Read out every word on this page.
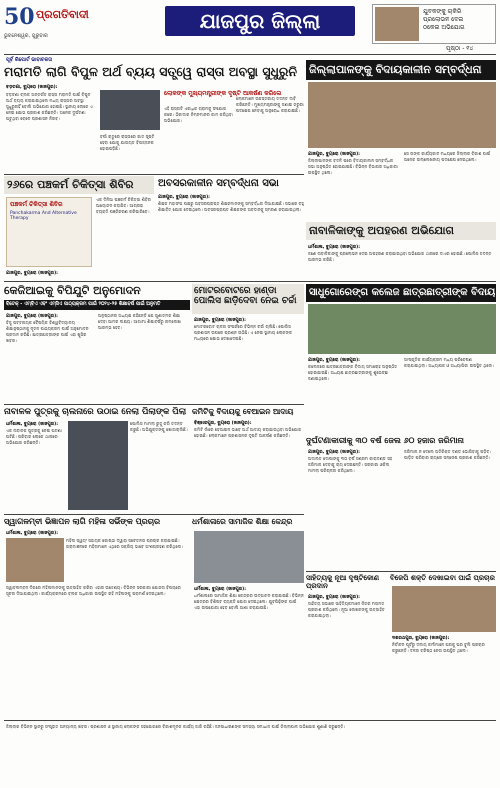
50 ପ୍ରଗତିବାଦୀ
ଭୁବନେଶ୍ୱର, ଗୁରୁବାର
ଯାଜପୁର ଜିଲ୍ଲା	ଯୁବକଙ୍କୁ ଚାକିରି
ପ୍ରଲୋଭନ ଦେଇ
ଠକେଇ ଅଭିଯୋଗ
ପୃଷ୍ଠା - ୧୪
ପୂର୍ବ ରିପୋର୍ଟ ଭାବାଚକତା
ମରାମତି ଲାଗି ବିପୁଳ ଅର୍ଥ ବ୍ୟୟ ସତ୍ତ୍ୱେ ରାସ୍ତା ଅବସ୍ଥା ସୁଧୁରୁନି
ବଡ଼ଚଣା, ବ୍ୟୁରୋ (ଜାଜପୁର):
ବଡ଼ଚଣା ବ୍ଲକ ଅନ୍ତର୍ଗତ ରାସ୍ତା ମରାମତି ପାଇଁ ବିପୁଳ ଅର୍ଥ ବ୍ୟୟ କରାଯାଇଥିଲେ ମଧ୍ୟ ରାସ୍ତାର ଅବସ୍ଥା ସୁଧୁରୁନାହିଁ ବୋଲି ଅଭିଯୋଗ ହୋଇଛି। ସ୍ଥାନୀୟ ଲୋକେ ଏ ନେଇ କ୍ଷୋଭ ପ୍ରକାଶ କରିଛନ୍ତି। ଅନେକ ଦୁର୍ଘଟଣା ଘଟୁଥିବା ବେଳେ ପ୍ରଶାସନ ନିରବ।
ବର୍ଷା ଋତୁରେ ରାସ୍ତାରେ ଗାତ ସୃଷ୍ଟି ହେବା ଯୋଗୁ ଯାତାୟତ ବିପଜ୍ଜନକ ହୋଇପଡ଼ିଛି।
ଲୋକଙ୍କ ମୁଖ୍ୟମନ୍ତ୍ରୀଙ୍କ ଦୃଷ୍ଟି ଆକର୍ଷଣ କରିଲେ
ଏହି ରାସ୍ତାଟି ଏକାଧିକ ଗ୍ରାମକୁ ସଂଯୋଗ କରେ। ଠିକାଦାର ନିମ୍ନମାନର କାମ କରିଥିବା ଅଭିଯୋଗ।
ଲୋକମାନେ ଉଚ୍ଚସ୍ତରୀୟ ତଦନ୍ତ ଦାବି କରିଛନ୍ତି। ମୁଖ୍ୟମନ୍ତ୍ରୀଙ୍କୁ ଜଣାଇ ଜରୁରୀ ପଦକ୍ଷେପ ନେବାକୁ ଅନୁରୋଧ କରାଯାଇଛି।
ଜିଲ୍ଲାପାଳଙ୍କୁ ବିଦାୟକାଳୀନ ସମ୍ବର୍ଦ୍ଧନା
ଯାଜପୁର, ବ୍ୟୁରୋ (ଜାଜପୁର):
ଜିଲ୍ଲାପାଳଙ୍କ ବଦଳି ପରେ ବିଦାୟକାଳୀନ ସମ୍ବର୍ଦ୍ଧନା ସଭା ଅନୁଷ୍ଠିତ ହୋଇଯାଇଛି। ବିଭିନ୍ନ ବିଭାଗର ଅଧିକାରୀ ଉପସ୍ଥିତ ଥିଲେ।
ସେ ତାଙ୍କ କାର୍ଯ୍ୟକାଳ ମଧ୍ୟରେ ଜିଲ୍ଲାର ବିକାଶ ପାଇଁ ଅନେକ ଉଲ୍ଲେଖନୀୟ ପଦକ୍ଷେପ ନେଇଥିଲେ।
୨୬ରେ ପଞ୍ଚକର୍ମ ଚିକିତ୍ସା ଶିବିର
ପଞ୍ଚକର୍ମ ଚିକିତ୍ସା ଶିବିର
Panchakarma And Alternative Therapy
ଏକ ଦିନିଆ ପଞ୍ଚକର୍ମ ଚିକିତ୍ସା ଶିବିର ଆୟୋଜନ କରାଯିବ। ଆଗ୍ରହୀ ବ୍ୟକ୍ତି ପଞ୍ଜିକରଣ କରିପାରିବେ।
ଯାଜପୁର, ବ୍ୟୁରୋ (ଜାଜପୁର):
ଅବସରକାଳୀନ ସମ୍ବର୍ଦ୍ଧନା ସଭା
ଯାଜପୁର, ବ୍ୟୁରୋ (ଜାଜପୁର):
ଶିକ୍ଷକ ମହାସଂଘ ପକ୍ଷରୁ ଅବସରପ୍ରାପ୍ତ ଶିକ୍ଷକମାନଙ୍କୁ ସମ୍ବର୍ଦ୍ଧନା ଦିଆଯାଇଛି। ସଭାରେ ବହୁ ଶିକ୍ଷାବିତ୍ ଯୋଗ ଦେଇଥିଲେ। ଅବସରପ୍ରାପ୍ତ ଶିକ୍ଷକଙ୍କ ଅବଦାନକୁ ସ୍ମରଣ କରାଯାଇଥିଲା।
ନାବାଳିକାଙ୍କୁ ଅପହରଣ ଅଭିଯୋଗ
ଧର୍ମଶାଳା, ବ୍ୟୁରୋ (ଜାଜପୁର):
ଜଣେ ନାବାଳିକାଙ୍କୁ ପ୍ରଲୋଭନ ଦେଇ ଅପହରଣ କରାଯାଇଥିବା ଅଭିଯୋଗ ଥାନାରେ ଦାଏର ହୋଇଛି। ପୋଲିସ ତଦନ୍ତ ଆରମ୍ଭ କରିଛି।
କେଜିଆଇକୁ ବିପିଯୁଟି ଅନୁମୋଦନ
ବିଟେକ୍ - ଏମ୍‌ବିଏ ଏବଂ ଏମ୍‌ସିଏ ପାଠ୍ୟକ୍ରମ ପାଇଁ ୨୦୨୪-୨୫ ଶିକ୍ଷାବର୍ଷ ପାଇଁ ଅନୁମତି
ଯାଜପୁର, ବ୍ୟୁରୋ (ଜାଜପୁର):
ବିଜୁ ପଟ୍ଟନାୟକ ବୈଷୟିକ ବିଶ୍ୱବିଦ୍ୟାଳୟ ଶିକ୍ଷାନୁଷ୍ଠାନକୁ ନୂତନ ପାଠ୍ୟକ୍ରମ ପାଇଁ ଅନୁମୋଦନ ପ୍ରଦାନ କରିଛି। ଛାତ୍ରଛାତ୍ରୀଙ୍କ ପାଇଁ ଏହା ଖୁସିର ଖବର।
ଅନୁଷ୍ଠାନର ଅଧ୍ୟକ୍ଷ କହିଛନ୍ତି ଯେ ଗୁଣାତ୍ମକ ଶିକ୍ଷା ଦେବା ଆମର ଲକ୍ଷ୍ୟ। ଆଗାମୀ ଶିକ୍ଷାବର୍ଷରୁ ନାମଲେଖା ଆରମ୍ଭ ହେବ।
ମୋଟରବୋଟରେ ହାଣ୍ଡା ପୋଲିସ ଛାଡ଼ିଦେବା ନେଇ ଚର୍ଚ୍ଚା
ଯାଜପୁର, ବ୍ୟୁରୋ (ଜାଜପୁର):
ମୋଟରବୋଟ ଚାଳନା ସଂପର୍କରେ ବିଭିନ୍ନ ଚର୍ଚ୍ଚା ଚାଲିଛି। ପୋଲିସ ପ୍ରଶାସନ ଉପରେ ପ୍ରଶ୍ନ ଉଠିଛି। ଏ ନେଇ ସ୍ଥାନୀୟ ଲୋକଙ୍କ ମଧ୍ୟରେ କ୍ଷୋଭ ଦେଖାଦେଇଛି।
ସାଧୁଗୋରେଙ୍ଗ କଲେଜ ଛାତ୍ରଛାତ୍ରୀଙ୍କ ବିଦାୟ
ଯାଜପୁର, ବ୍ୟୁରୋ (ଜାଜପୁର):
କଲେଜରେ ଛାତ୍ରଛାତ୍ରୀଙ୍କ ବିଦାୟ ସମାରୋହ ଅନୁଷ୍ଠିତ ହୋଇଯାଇଛି। ଅଧ୍ୟକ୍ଷ ଛାତ୍ରଛାତ୍ରୀଙ୍କୁ ଶୁଭେଚ୍ଛା ଜଣାଇଥିଲେ।
ସାଂସ୍କୃତିକ କାର୍ଯ୍ୟକ୍ରମ ମଧ୍ୟ ପରିବେଷଣ କରାଯାଇଥିଲା। ଅଧ୍ୟାପକ ଓ ଅଧ୍ୟାପିକା ଉପସ୍ଥିତ ଥିଲେ।
ନାବାଳକ ପୁତ୍ରକୁ ଚାଲନାରେ ଉଠାଇ ନେଲା ପିଲାଙ୍କ ପିଲା
ଧର୍ମଶାଳା, ବ୍ୟୁରୋ (ଜାଜପୁର):
ଏକ ନାବାଳକ ପୁତ୍ରକୁ ନେଇ ଘଟଣା ଘଟିଛି। ପରିବାର ଲୋକେ ଥାନାରେ ଅଭିଯୋଗ କରିଛନ୍ତି।
ପୋଲିସ ମାମଲା ରୁଜୁ କରି ତଦନ୍ତ କରୁଛି। ଅଭିଯୁକ୍ତଙ୍କୁ ଖୋଜାଚାଲିଛି।
କମିଟିକୁ ବିଦାୟକୁ ବେଆଇନ ଆଦାୟ
ବିଞ୍ଝାରପୁର, ବ୍ୟୁରୋ (ଜାଜପୁର):
କମିଟି ନାଁରେ ବେଆଇନ ଭାବେ ଅର୍ଥ ଆଦାୟ କରାଯାଉଥିବା ଅଭିଯୋଗ ହୋଇଛି। ଲୋକମାନେ ପ୍ରଶାସନର ଦୃଷ୍ଟି ଆକର୍ଷଣ କରିଛନ୍ତି।
ଦୁର୍ଘଟଣାକାରୀକୁ ୩୦ ବର୍ଷ ଜେଲ ୬୦ ହଜାର ଜରିମାନା
ଯାଜପୁର, ବ୍ୟୁରୋ (ଜାଜପୁର):
ଅଦାଲତ ଦୋଷୀଙ୍କୁ ୩୦ ବର୍ଷ ସଶ୍ରମ କାରାଦଣ୍ଡ ସହ ଜରିମାନା ଦେବାକୁ ରାୟ ଦେଇଛନ୍ତି। ସରକାରୀ ଓକିଲ ମାମଲା ପରିଚାଳନା କରିଥିଲେ।
ଜରିମାନା ନ ଦେଲେ ଅତିରିକ୍ତ ଦଣ୍ଡ ଭୋଗିବାକୁ ପଡ଼ିବ। ପୀଡ଼ିତ ପରିବାର ରାୟରେ ସନ୍ତୋଷ ପ୍ରକାଶ କରିଛନ୍ତି।
ସ୍ୱାଗଳମ୍ବୀ ଭିଜ୍ଞାପନ ଲାଗି ମହିଳା ସର୍ଭିଙ୍କ ପ୍ରଚାର
ଧର୍ମଶାଳା, ବ୍ୟୁରୋ (ଜାଜପୁର):
ମହିଳା ସ୍ୱୟଂ ସହାୟକ ଗୋଷ୍ଠୀ ଦ୍ୱାରା ସଚେତନତା ପ୍ରଚାର କରାଯାଇଛି। ଗ୍ରାମାଞ୍ଚଳରେ ମହିଳାମାନେ ଏଥିରେ ସକ୍ରିୟ ଭାବେ ଅଂଶଗ୍ରହଣ କରିଥିଲେ।
ସ୍ୱାବଲମ୍ବନ ଦିଗରେ ମହିଳାମାନଙ୍କୁ ଉତ୍ସାହିତ କରିବା ଏହାର ଉଦ୍ଦେଶ୍ୟ। ବିଭିନ୍ନ ସରକାରୀ ଯୋଜନା ବିଷୟରେ ସୂଚନା ଦିଆଯାଇଥିଲା। କାର୍ଯ୍ୟକ୍ରମରେ ବ୍ଲକ ଅଧିକାରୀ ଉପସ୍ଥିତ ରହି ମହିଳାଙ୍କୁ ପରାମର୍ଶ ଦେଇଥିଲେ।
ଧର୍ମଶାଳାରେ ସାମାଜିକ ଶିକ୍ଷା କେନ୍ଦ୍ର
ଧର୍ମଶାଳା, ବ୍ୟୁରୋ (ଜାଜପୁର):
ଧର୍ମଶାଳାରେ ସାମାଜିକ ଶିକ୍ଷା କେନ୍ଦ୍ରର ଉଦ୍‌ଘାଟନ କରାଯାଇଛି। ବିଭିନ୍ନ କ୍ଷେତ୍ରର ବିଶିଷ୍ଟ ବ୍ୟକ୍ତି ଯୋଗ ଦେଇଥିଲେ। ଯୁବପିଢ଼ିଙ୍କ ପାଇଁ ଏହା ଉପଯୋଗୀ ହେବ ବୋଲି ଆଶା କରାଯାଉଛି।
ସାହିତ୍ୟକୁ ନୂଆ ଦୃଷ୍ଟିକୋଣ ପ୍ରଦାନ
ଯାଜପୁର, ବ୍ୟୁରୋ (ଜାଜପୁର):
ସାହିତ୍ୟ ସଭାରେ ସାହିତ୍ୟିକମାନେ ନିଜର ମତାମତ ପ୍ରକାଶ କରିଥିଲେ। ନୂଆ ଲେଖକଙ୍କୁ ଉତ୍ସାହିତ କରାଯାଇଥିଲା।
ବିଜେପି ଶକ୍ତି ଦେଖାଇବା ପାଇଁ ପ୍ରଚାର
ଦଶରଥପୁର, ବ୍ୟୁରୋ (ଜାଜପୁର):
ନିର୍ବାଚନ ପୂର୍ବରୁ ଦଳୀୟ କର୍ମୀମାନେ ଘରକୁ ଘର ବୁଲି ପ୍ରଚାର କରୁଛନ୍ତି। ଦଳର ବରିଷ୍ଠ ନେତା ଉପସ୍ଥିତ ଥିଲେ।
ଜିଲ୍ଲାର ବିଭିନ୍ନ ସ୍ଥାନରୁ ସଂଗୃହୀତ ଅନ୍ୟାନ୍ୟ ଖବର। ପ୍ରଶାସନ ଓ ସ୍ଥାନୀୟ ଲୋକଙ୍କ ସହଯୋଗରେ ବିକାଶମୂଳକ କାର୍ଯ୍ୟ ଜାରି ରହିଛି। ଜନସାଧାରଣଙ୍କ ସମସ୍ୟା ସମାଧାନ ପାଇଁ ଜିଲ୍ଲାପାଳ ଅଭିଯୋଗ ଶୁଣାଣି କରୁଛନ୍ତି।
